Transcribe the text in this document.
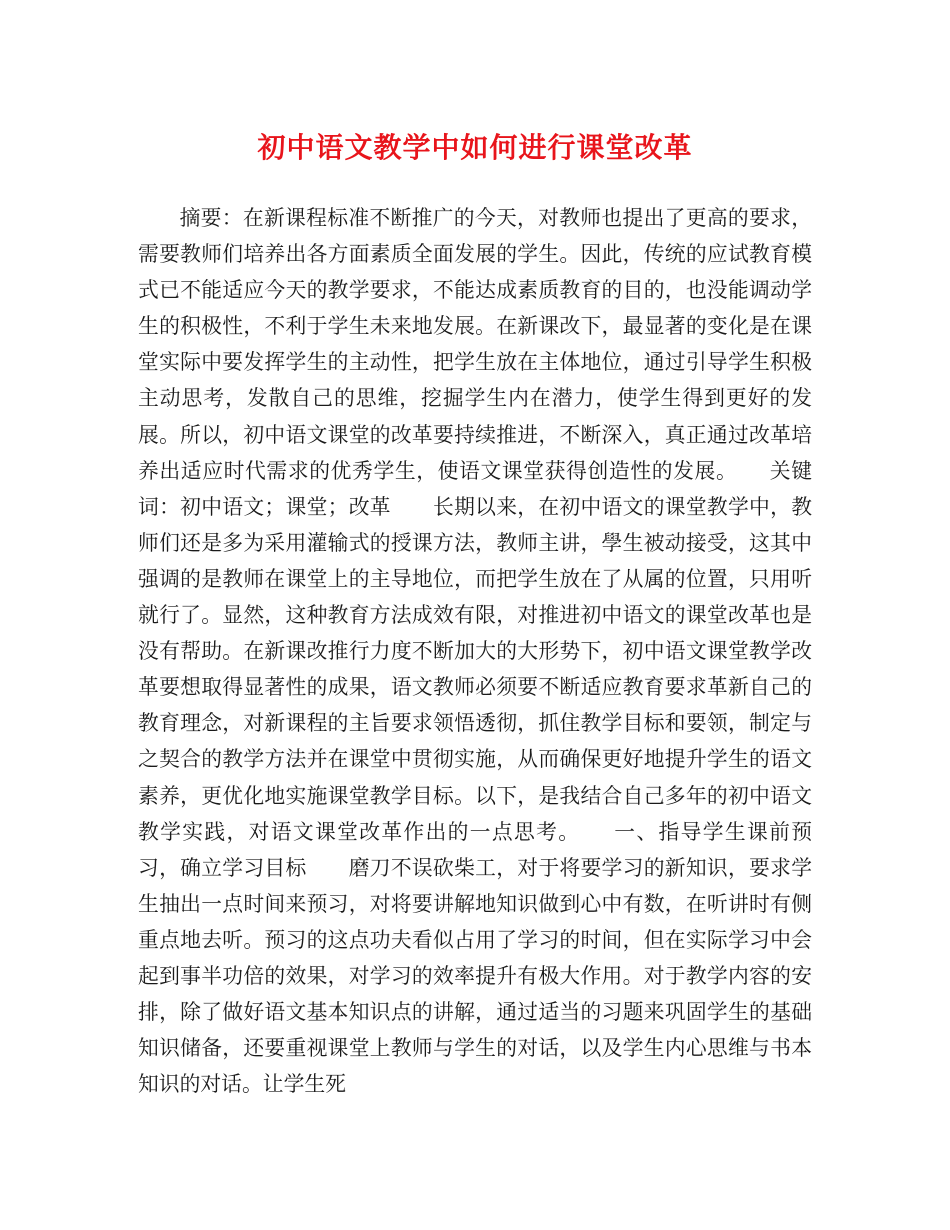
初中语文教学中如何进行课堂改革

摘要：在新课程标准不断推广的今天，对教师也提出了更高的要求，需要教师们培养出各方面素质全面发展的学生。因此，传统的应试教育模式已不能适应今天的教学要求，不能达成素质教育的目的，也没能调动学生的积极性，不利于学生未来地发展。在新课改下，最显著的变化是在课堂实际中要发挥学生的主动性，把学生放在主体地位，通过引导学生积极主动思考，发散自己的思维，挖掘学生内在潜力，使学生得到更好的发展。所以，初中语文课堂的改革要持续推进，不断深入，真正通过改革培养出适应时代需求的优秀学生，使语文课堂获得创造性的发展。　　关键词：初中语文；课堂；改革　　长期以来，在初中语文的课堂教学中，教师们还是多为采用灌输式的授课方法，教师主讲，學生被动接受，这其中强调的是教师在课堂上的主导地位，而把学生放在了从属的位置，只用听就行了。显然，这种教育方法成效有限，对推进初中语文的课堂改革也是没有帮助。在新课改推行力度不断加大的大形势下，初中语文课堂教学改革要想取得显著性的成果，语文教师必须要不断适应教育要求革新自己的教育理念，对新课程的主旨要求领悟透彻，抓住教学目标和要领，制定与之契合的教学方法并在课堂中贯彻实施，从而确保更好地提升学生的语文素养，更优化地实施课堂教学目标。以下，是我结合自己多年的初中语文教学实践，对语文课堂改革作出的一点思考。　　一、指导学生课前预习，确立学习目标　　磨刀不误砍柴工，对于将要学习的新知识，要求学生抽出一点时间来预习，对将要讲解地知识做到心中有数，在听讲时有侧重点地去听。预习的这点功夫看似占用了学习的时间，但在实际学习中会起到事半功倍的效果，对学习的效率提升有极大作用。对于教学内容的安排，除了做好语文基本知识点的讲解，通过适当的习题来巩固学生的基础知识储备，还要重视课堂上教师与学生的对话，以及学生内心思维与书本知识的对话。让学生死
